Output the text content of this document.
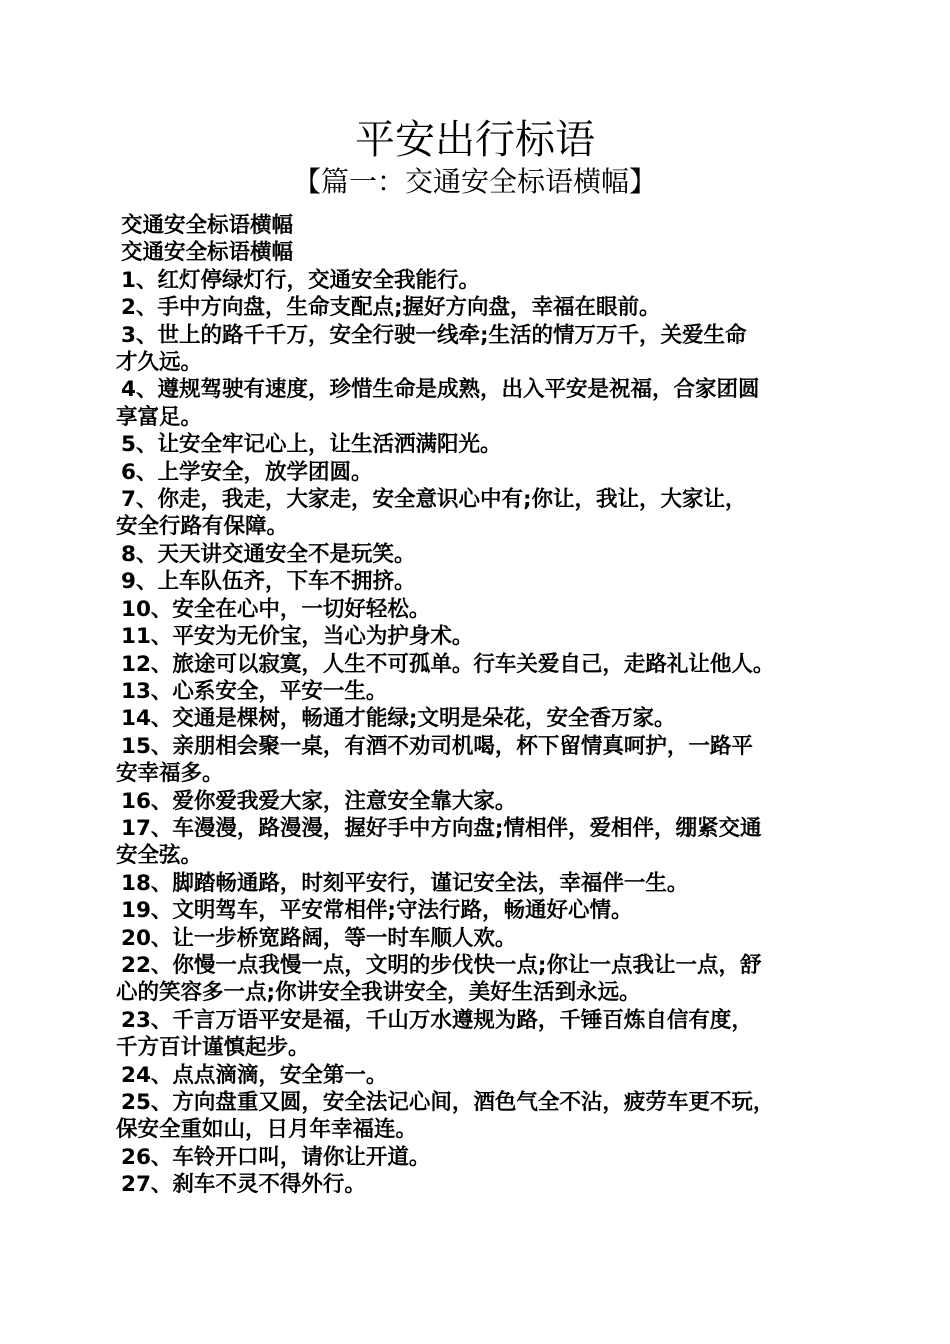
平安出行标语
【篇一：交通安全标语横幅】

交通安全标语横幅

交通安全标语横幅

1、红灯停绿灯行，交通安全我能行。

2、手中方向盘，生命支配点;握好方向盘，幸福在眼前。

3、世上的路千千万，安全行驶一线牵;生活的情万万千，关爱生命

才久远。

4、遵规驾驶有速度，珍惜生命是成熟，出入平安是祝福，合家团圆

享富足。

5、让安全牢记心上，让生活洒满阳光。

6、上学安全，放学团圆。

7、你走，我走，大家走，安全意识心中有;你让，我让，大家让，

安全行路有保障。

8、天天讲交通安全不是玩笑。

9、上车队伍齐，下车不拥挤。

10、安全在心中，一切好轻松。

11、平安为无价宝，当心为护身术。

12、旅途可以寂寞，人生不可孤单。行车关爱自己，走路礼让他人。

13、心系安全，平安一生。

14、交通是棵树，畅通才能绿;文明是朵花，安全香万家。

15、亲朋相会聚一桌，有酒不劝司机喝，杯下留情真呵护，一路平

安幸福多。

16、爱你爱我爱大家，注意安全靠大家。

17、车漫漫，路漫漫，握好手中方向盘;情相伴，爱相伴，绷紧交通

安全弦。

18、脚踏畅通路，时刻平安行，谨记安全法，幸福伴一生。

19、文明驾车，平安常相伴;守法行路，畅通好心情。

20、让一步桥宽路阔，等一时车顺人欢。

22、你慢一点我慢一点，文明的步伐快一点;你让一点我让一点，舒

心的笑容多一点;你讲安全我讲安全，美好生活到永远。

23、千言万语平安是福，千山万水遵规为路，千锤百炼自信有度，

千方百计谨慎起步。

24、点点滴滴，安全第一。

25、方向盘重又圆，安全法记心间，酒色气全不沾，疲劳车更不玩，

保安全重如山，日月年幸福连。

26、车铃开口叫，请你让开道。

27、刹车不灵不得外行。
